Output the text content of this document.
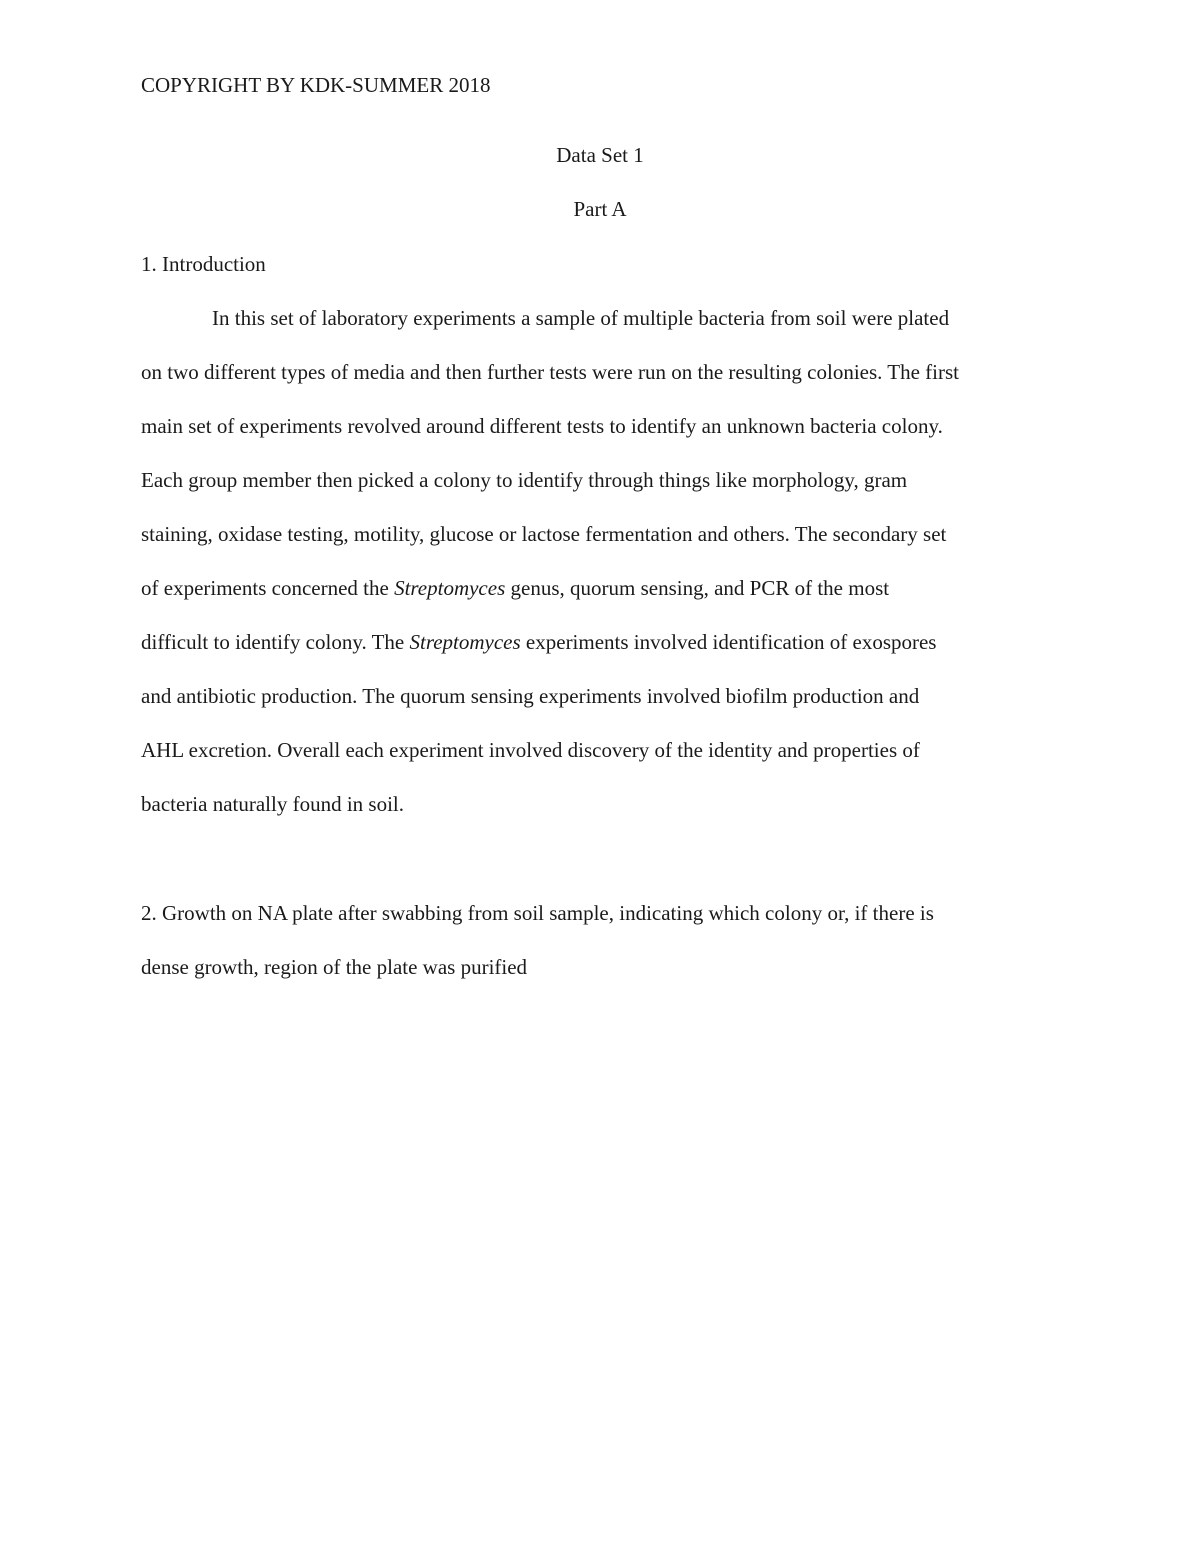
COPYRIGHT BY KDK-SUMMER 2018
Data Set 1
Part A
1. Introduction
In this set of laboratory experiments a sample of multiple bacteria from soil were plated
on two different types of media and then further tests were run on the resulting colonies. The first
main set of experiments revolved around different tests to identify an unknown bacteria colony.
Each group member then picked a colony to identify through things like morphology, gram
staining, oxidase testing, motility, glucose or lactose fermentation and others. The secondary set
of experiments concerned the Streptomyces genus, quorum sensing, and PCR of the most
difficult to identify colony. The Streptomyces experiments involved identification of exospores
and antibiotic production. The quorum sensing experiments involved biofilm production and
AHL excretion. Overall each experiment involved discovery of the identity and properties of
bacteria naturally found in soil.
2. Growth on NA plate after swabbing from soil sample, indicating which colony or, if there is
dense growth, region of the plate was purified
